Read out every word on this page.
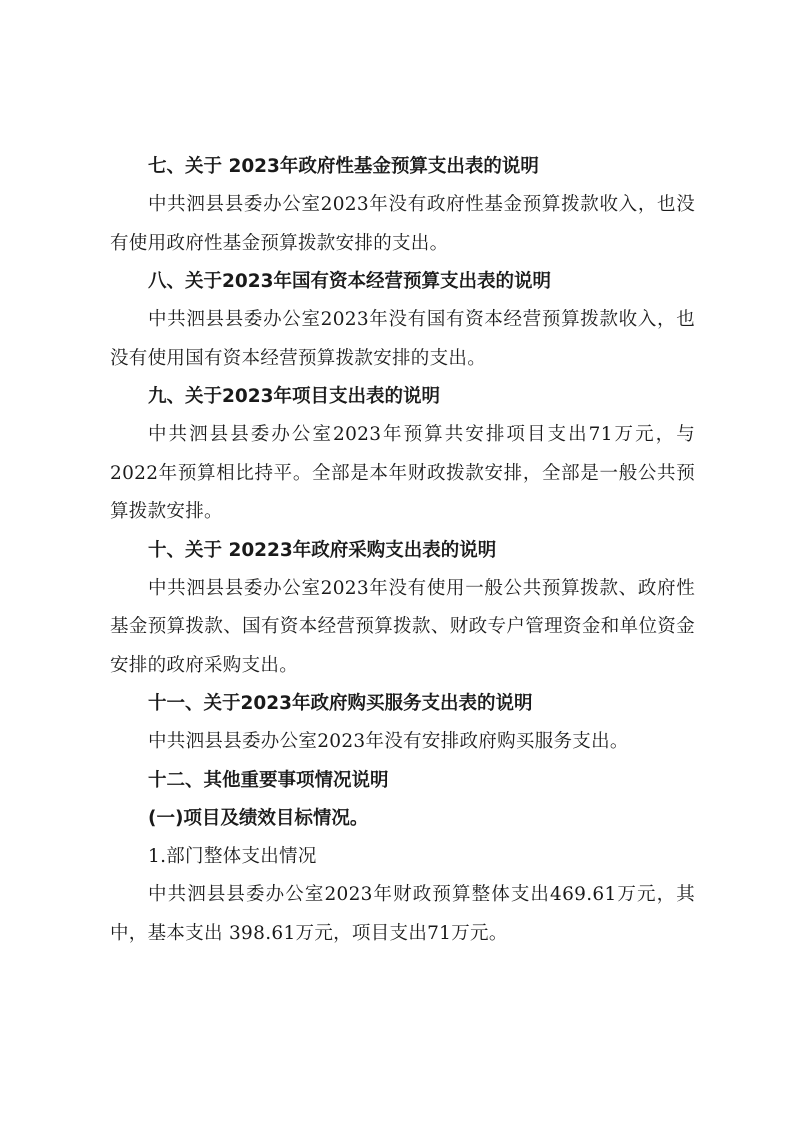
七、关于 2023年政府性基金预算支出表的说明
中共泗县县委办公室2023年没有政府性基金预算拨款收入，也没有使用政府性基金预算拨款安排的支出。
八、关于2023年国有资本经营预算支出表的说明
中共泗县县委办公室2023年没有国有资本经营预算拨款收入，也没有使用国有资本经营预算拨款安排的支出。
九、关于2023年项目支出表的说明
中共泗县县委办公室2023年预算共安排项目支出71万元，与2022年预算相比持平。全部是本年财政拨款安排，全部是一般公共预算拨款安排。
十、关于 20223年政府采购支出表的说明
中共泗县县委办公室2023年没有使用一般公共预算拨款、政府性基金预算拨款、国有资本经营预算拨款、财政专户管理资金和单位资金安排的政府采购支出。
十一、关于2023年政府购买服务支出表的说明
中共泗县县委办公室2023年没有安排政府购买服务支出。
十二、其他重要事项情况说明
(一)项目及绩效目标情况。
1.部门整体支出情况
中共泗县县委办公室2023年财政预算整体支出469.61万元，其中，基本支出 398.61万元，项目支出71万元。
